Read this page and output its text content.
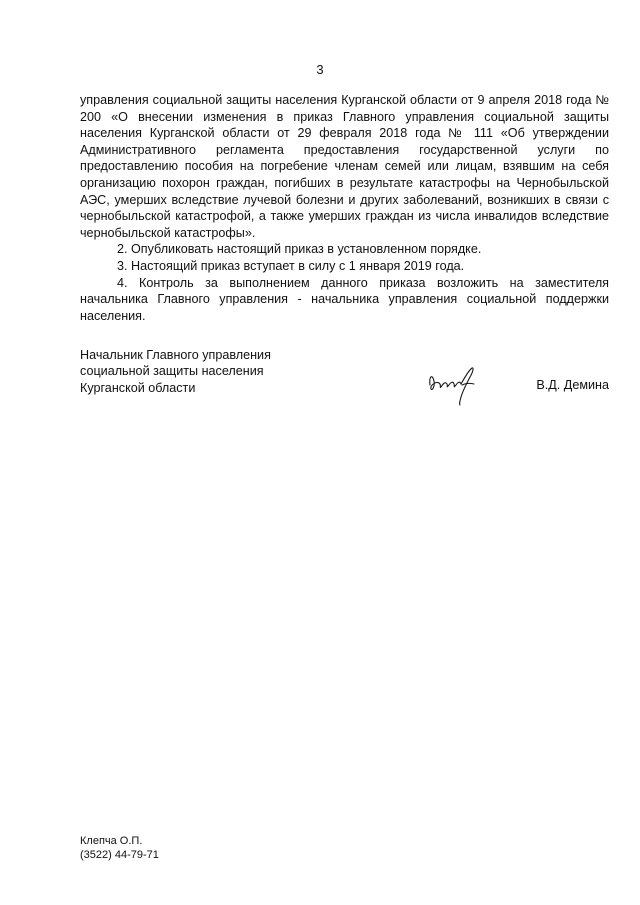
3

управления социальной защиты населения Курганской области от 9 апреля 2018 года № 200 «О внесении изменения в приказ Главного управления социальной защиты населения Курганской области от 29 февраля 2018 года № 111 «Об утверждении Административного регламента предоставления государственной услуги по предоставлению пособия на погребение членам семей или лицам, взявшим на себя организацию похорон граждан, погибших в результате катастрофы на Чернобыльской АЭС, умерших вследствие лучевой болезни и других заболеваний, возникших в связи с чернобыльской катастрофой, а также умерших граждан из числа инвалидов вследствие чернобыльской катастрофы».

2. Опубликовать настоящий приказ в установленном порядке.

3. Настоящий приказ вступает в силу с 1 января 2019 года.

4. Контроль за выполнением данного приказа возложить на заместителя начальника Главного управления - начальника управления социальной поддержки населения.

Начальник Главного управления
социальной защиты населения
Курганской области	В.Д. Демина
Клепча О.П.
(3522) 44-79-71
